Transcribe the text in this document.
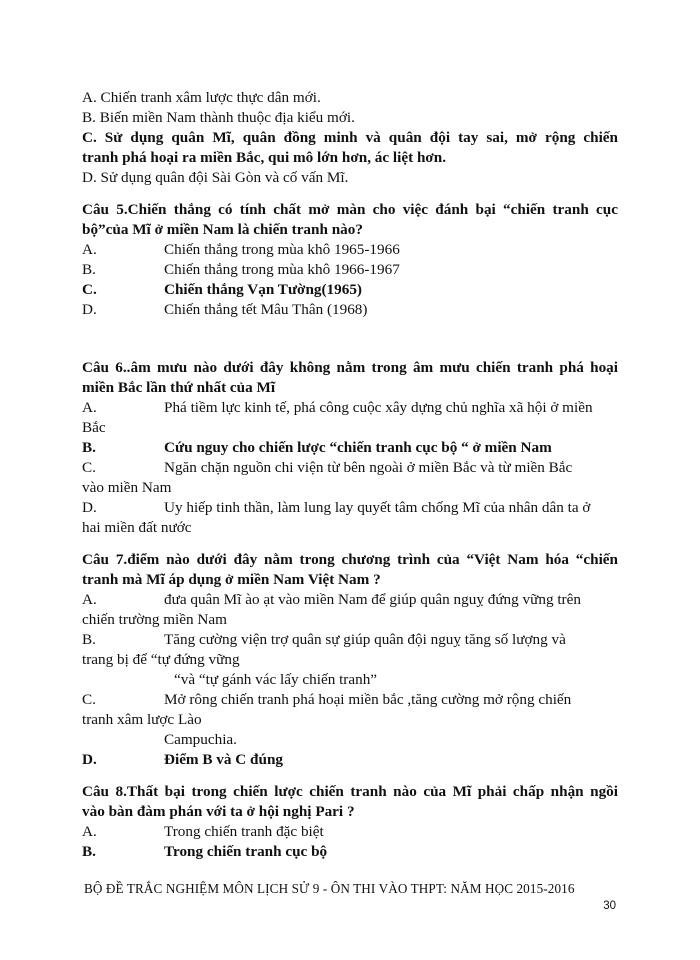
A. Chiến tranh xâm lược thực dân mới.
B. Biến miền Nam thành thuộc địa kiểu mới.
C. Sử dụng quân Mĩ, quân đồng minh và quân đội tay sai, mở rộng chiến
tranh phá hoại ra miền Bắc, qui mô lớn hơn, ác liệt hơn.
D. Sử dụng quân đội Sài Gòn và cố vấn Mĩ.
Câu 5.Chiến thắng có tính chất mở màn cho việc đánh bại “chiến tranh cục
bộ”của Mĩ ở miền Nam là chiến tranh nào?
A.	Chiến thắng trong mùa khô 1965-1966
B.	Chiến thắng trong mùa khô 1966-1967
C.	Chiến thắng Vạn Tường(1965)
D.	Chiến thắng tết Mâu Thân (1968)
Câu 6..âm mưu nào dưới đây không nằm trong âm mưu chiến tranh phá hoại
miền Bắc lần thứ nhất của Mĩ
A.	Phá tiềm lực kinh tế, phá công cuộc xây dựng chủ nghĩa xã hội ở miền
Bắc
B.	Cứu nguy cho chiến lược “chiến tranh cục bộ “ ở miền Nam
C.	Ngăn chặn nguồn chi viện từ bên ngoài ở miền Bắc và từ miền Bắc
vào miền Nam
D.	Uy hiếp tinh thần, làm lung lay quyết tâm chống Mĩ của nhân dân ta ở
hai miền đất nước
Câu 7.điểm nào dưới đây nằm trong chương trình của “Việt Nam hóa “chiến
tranh mà Mĩ áp dụng ở miền Nam Việt Nam ?
A.	đưa quân Mĩ ào ạt vào miền Nam để giúp quân nguỵ đứng vững trên
chiến trường miền Nam
B.	Tăng cường viện trợ quân sự giúp quân đội nguỵ tăng số lượng và
trang bị để “tự đứng vững
“và “tự gánh vác lấy chiến tranh”
C.	Mở rông chiến tranh phá hoại miền bắc ,tăng cường mở rộng chiến
tranh xâm lược Lào
Campuchia.
D.	Điểm B và C đúng
Câu 8.Thất bại trong chiến lược chiến tranh nào của Mĩ phải chấp nhận ngồi
vào bàn đàm phán với ta ở hội nghị Pari ?
A.	Trong chiến tranh đặc biệt
B.	Trong chiến tranh cục bộ
BỘ ĐỀ TRẮC NGHIỆM MÔN LỊCH SỬ 9 - ÔN THI VÀO THPT: NĂM HỌC 2015-2016
30
